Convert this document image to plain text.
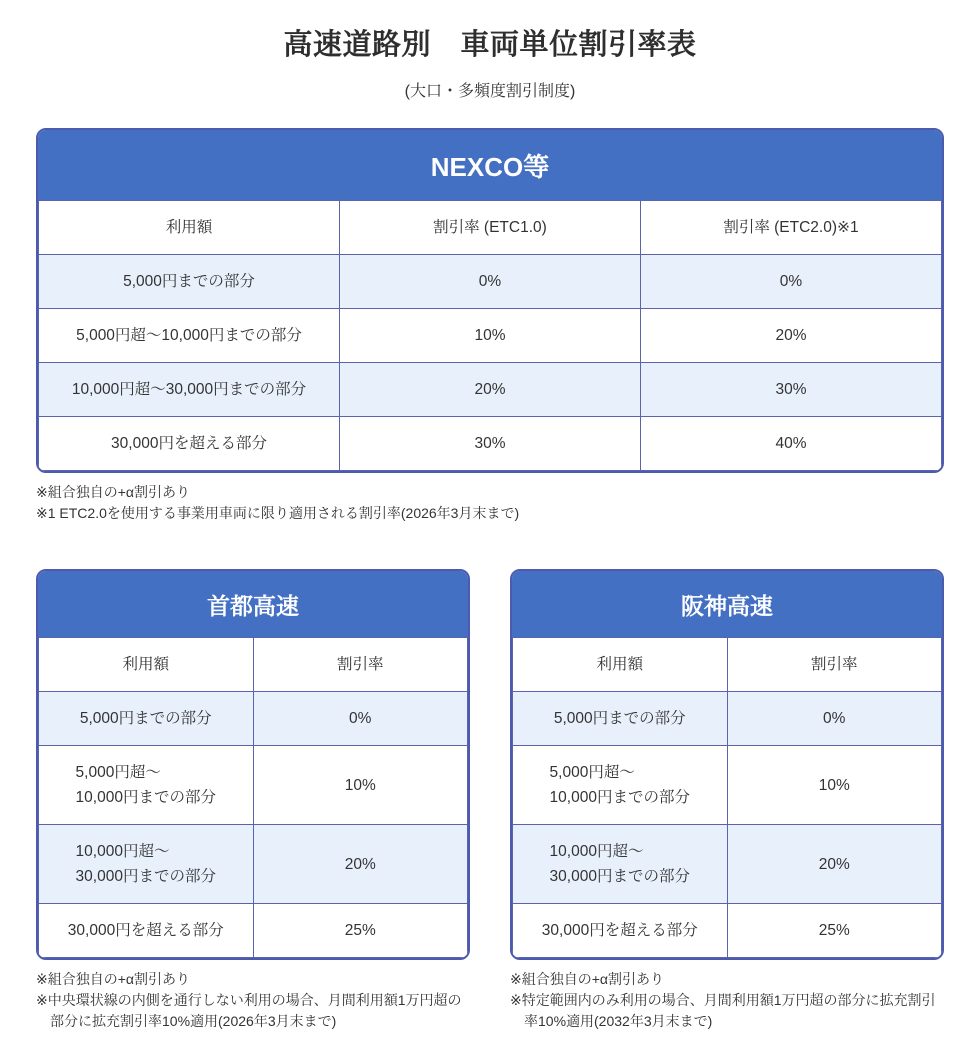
高速道路別　車両単位割引率表
(大口・多頻度割引制度)
NEXCO等
利用額	割引率 (ETC1.0)	割引率 (ETC2.0)※1
5,000円までの部分	0%	0%
5,000円超〜10,000円までの部分	10%	20%
10,000円超〜30,000円までの部分	20%	30%
30,000円を超える部分	30%	40%
※組合独自の+α割引あり
※1 ETC2.0を使用する事業用車両に限り適用される割引率(2026年3月末まで)
首都高速
利用額	割引率

5,000円までの部分	0%

5,000円超〜
10,000円までの部分	10%

10,000円超〜
30,000円までの部分	20%

30,000円を超える部分	25%
※組合独自の+α割引あり
※中央環状線の内側を通行しない利用の場合、月間利用額1万円超の部分に拡充割引率10%適用(2026年3月末まで)
阪神高速
利用額	割引率

5,000円までの部分	0%

5,000円超〜
10,000円までの部分	10%

10,000円超〜
30,000円までの部分	20%

30,000円を超える部分	25%
※組合独自の+α割引あり
※特定範囲内のみ利用の場合、月間利用額1万円超の部分に拡充割引率10%適用(2032年3月末まで)
